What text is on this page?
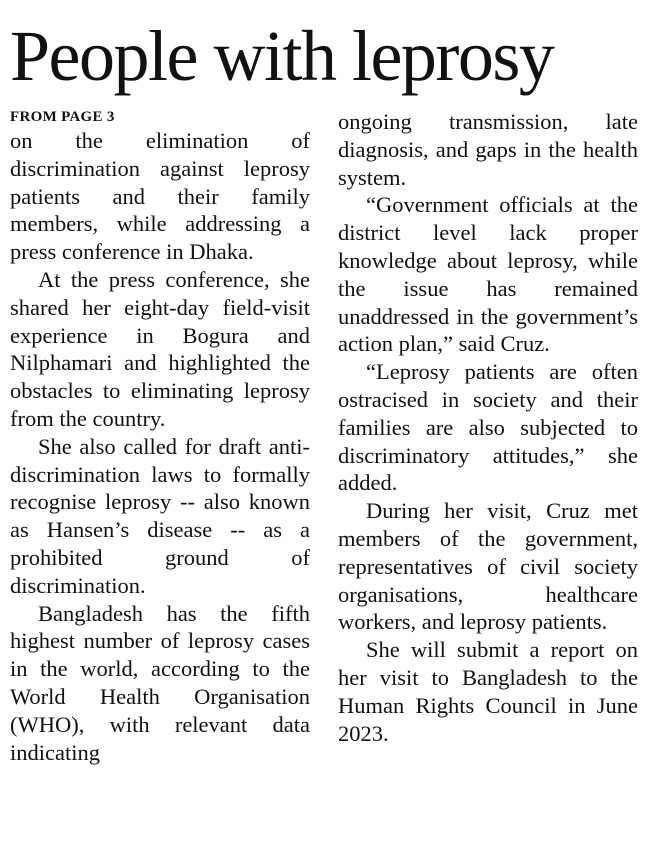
People with leprosy
FROM PAGE 3

on the elimination of discrimination against leprosy patients and their family members, while addressing a press conference in Dhaka.

At the press conference, she shared her eight-day field-visit experience in Bogura and Nilphamari and highlighted the obstacles to eliminating leprosy from the country.

She also called for draft anti-discrimination laws to formally recognise leprosy -- also known as Hansen’s disease -- as a prohibited ground of discrimination.

Bangladesh has the fifth highest number of leprosy cases in the world, according to the World Health Organisation (WHO), with relevant data indicating

ongoing transmission, late diagnosis, and gaps in the health system.

“Government officials at the district level lack proper knowledge about leprosy, while the issue has remained unaddressed in the government’s action plan,” said Cruz.

“Leprosy patients are often ostracised in society and their families are also subjected to discriminatory attitudes,” she added.

During her visit, Cruz met members of the government, representatives of civil society organisations, healthcare workers, and leprosy patients.

She will submit a report on her visit to Bangladesh to the Human Rights Council in June 2023.
